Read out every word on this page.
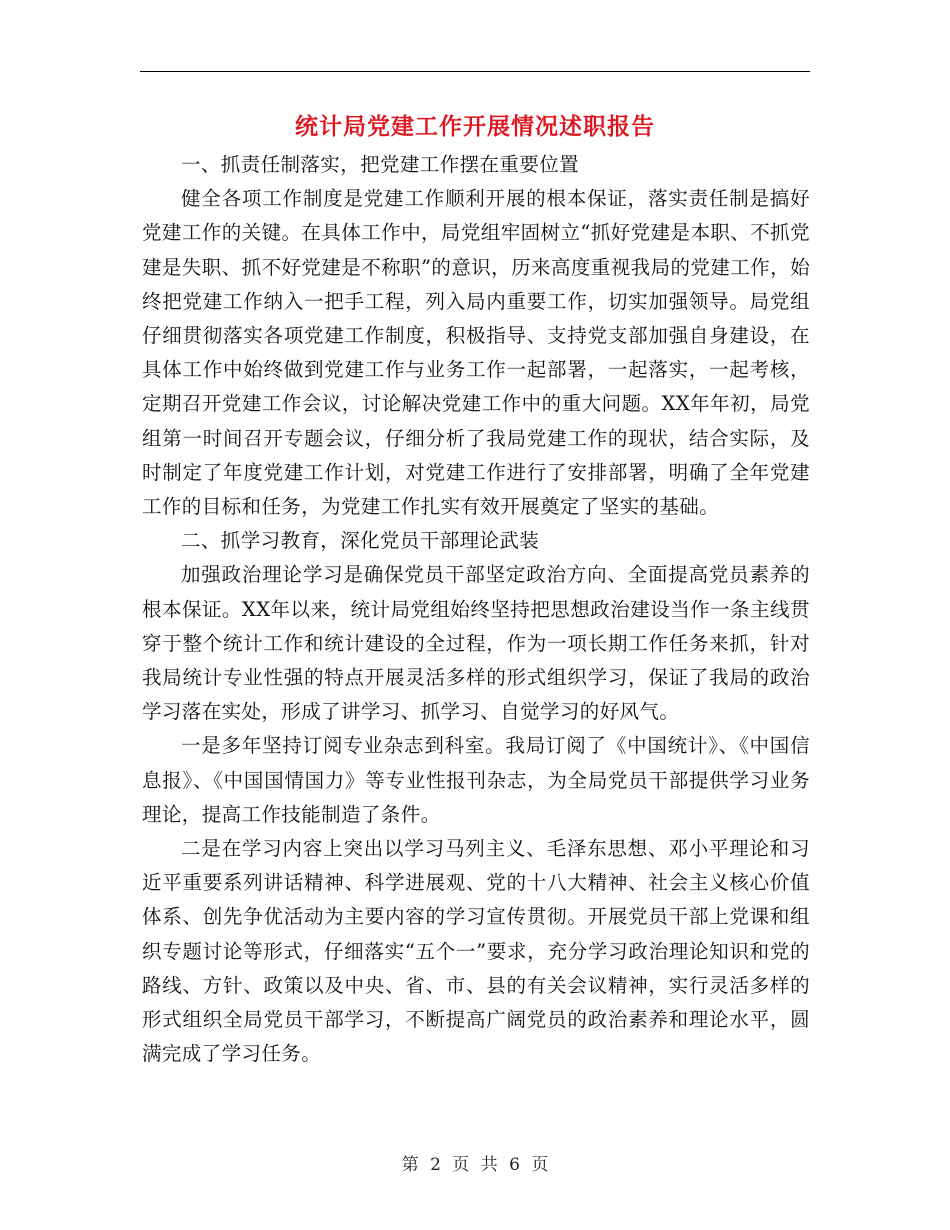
统计局党建工作开展情况述职报告

一、抓责任制落实，把党建工作摆在重要位置

健全各项工作制度是党建工作顺利开展的根本保证，落实责任制是搞好党建工作的关键。在具体工作中，局党组牢固树立“抓好党建是本职、不抓党建是失职、抓不好党建是不称职”的意识，历来高度重视我局的党建工作，始终把党建工作纳入一把手工程，列入局内重要工作，切实加强领导。局党组仔细贯彻落实各项党建工作制度，积极指导、支持党支部加强自身建设，在具体工作中始终做到党建工作与业务工作一起部署，一起落实，一起考核，定期召开党建工作会议，讨论解决党建工作中的重大问题。XX年年初，局党组第一时间召开专题会议，仔细分析了我局党建工作的现状，结合实际，及时制定了年度党建工作计划，对党建工作进行了安排部署，明确了全年党建工作的目标和任务，为党建工作扎实有效开展奠定了坚实的基础。

二、抓学习教育，深化党员干部理论武装

加强政治理论学习是确保党员干部坚定政治方向、全面提高党员素养的根本保证。XX年以来，统计局党组始终坚持把思想政治建设当作一条主线贯穿于整个统计工作和统计建设的全过程，作为一项长期工作任务来抓，针对我局统计专业性强的特点开展灵活多样的形式组织学习，保证了我局的政治学习落在实处，形成了讲学习、抓学习、自觉学习的好风气。

一是多年坚持订阅专业杂志到科室。我局订阅了《中国统计》、《中国信息报》、《中国国情国力》等专业性报刊杂志，为全局党员干部提供学习业务理论，提高工作技能制造了条件。

二是在学习内容上突出以学习马列主义、毛泽东思想、邓小平理论和习近平重要系列讲话精神、科学进展观、党的十八大精神、社会主义核心价值体系、创先争优活动为主要内容的学习宣传贯彻。开展党员干部上党课和组织专题讨论等形式，仔细落实“五个一”要求，充分学习政治理论知识和党的路线、方针、政策以及中央、省、市、县的有关会议精神，实行灵活多样的形式组织全局党员干部学习，不断提高广阔党员的政治素养和理论水平，圆满完成了学习任务。

第 2 页 共 6 页
